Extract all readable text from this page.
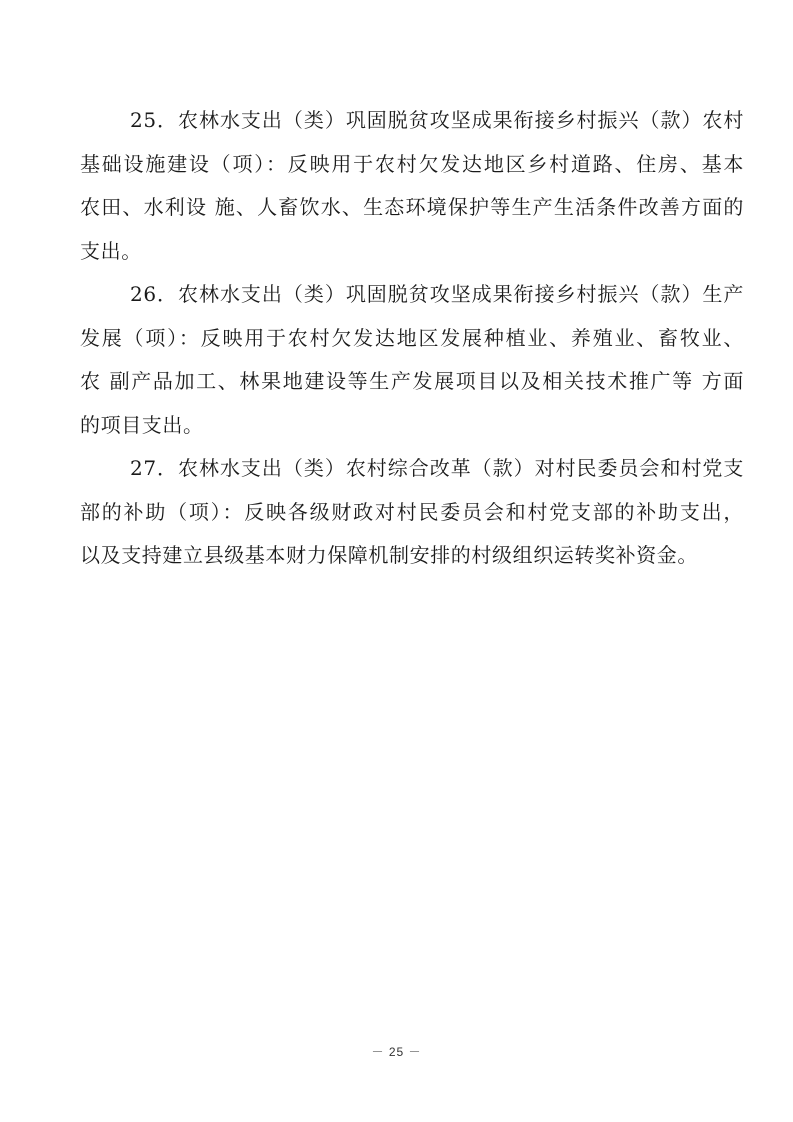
25．农林水支出（类）巩固脱贫攻坚成果衔接乡村振兴（款）农村
基础设施建设（项）：反映用于农村欠发达地区乡村道路、住房、基本
农田、水利设 施、人畜饮水、生态环境保护等生产生活条件改善方面的
支出。

26．农林水支出（类）巩固脱贫攻坚成果衔接乡村振兴（款）生产
发展（项）：反映用于农村欠发达地区发展种植业、养殖业、畜牧业、
农 副产品加工、林果地建设等生产发展项目以及相关技术推广等 方面
的项目支出。

27．农林水支出（类）农村综合改革（款）对村民委员会和村党支
部的补助（项）：反映各级财政对村民委员会和村党支部的补助支出，
以及支持建立县级基本财力保障机制安排的村级组织运转奖补资金。

－ 25 －
